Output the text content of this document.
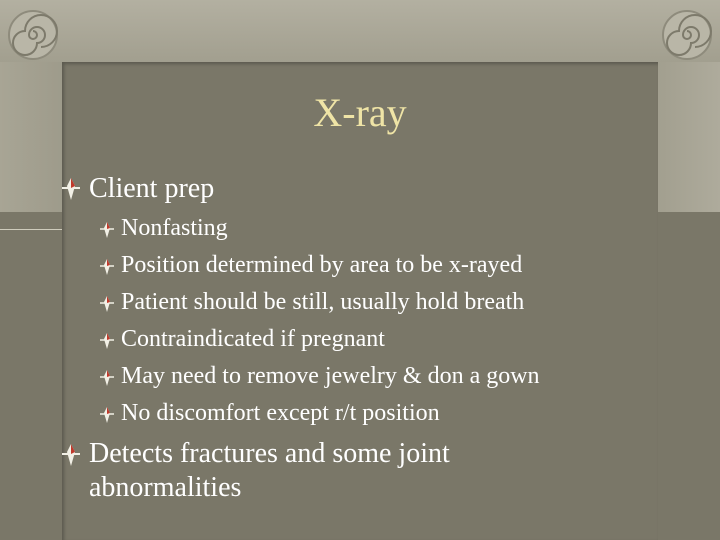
X-ray
Client prep
Nonfasting
Position determined by area to be x-rayed
Patient should be still, usually hold breath
Contraindicated if pregnant
May need to remove jewelry & don a gown
No discomfort except r/t position
Detects fractures and some joint abnormalities
